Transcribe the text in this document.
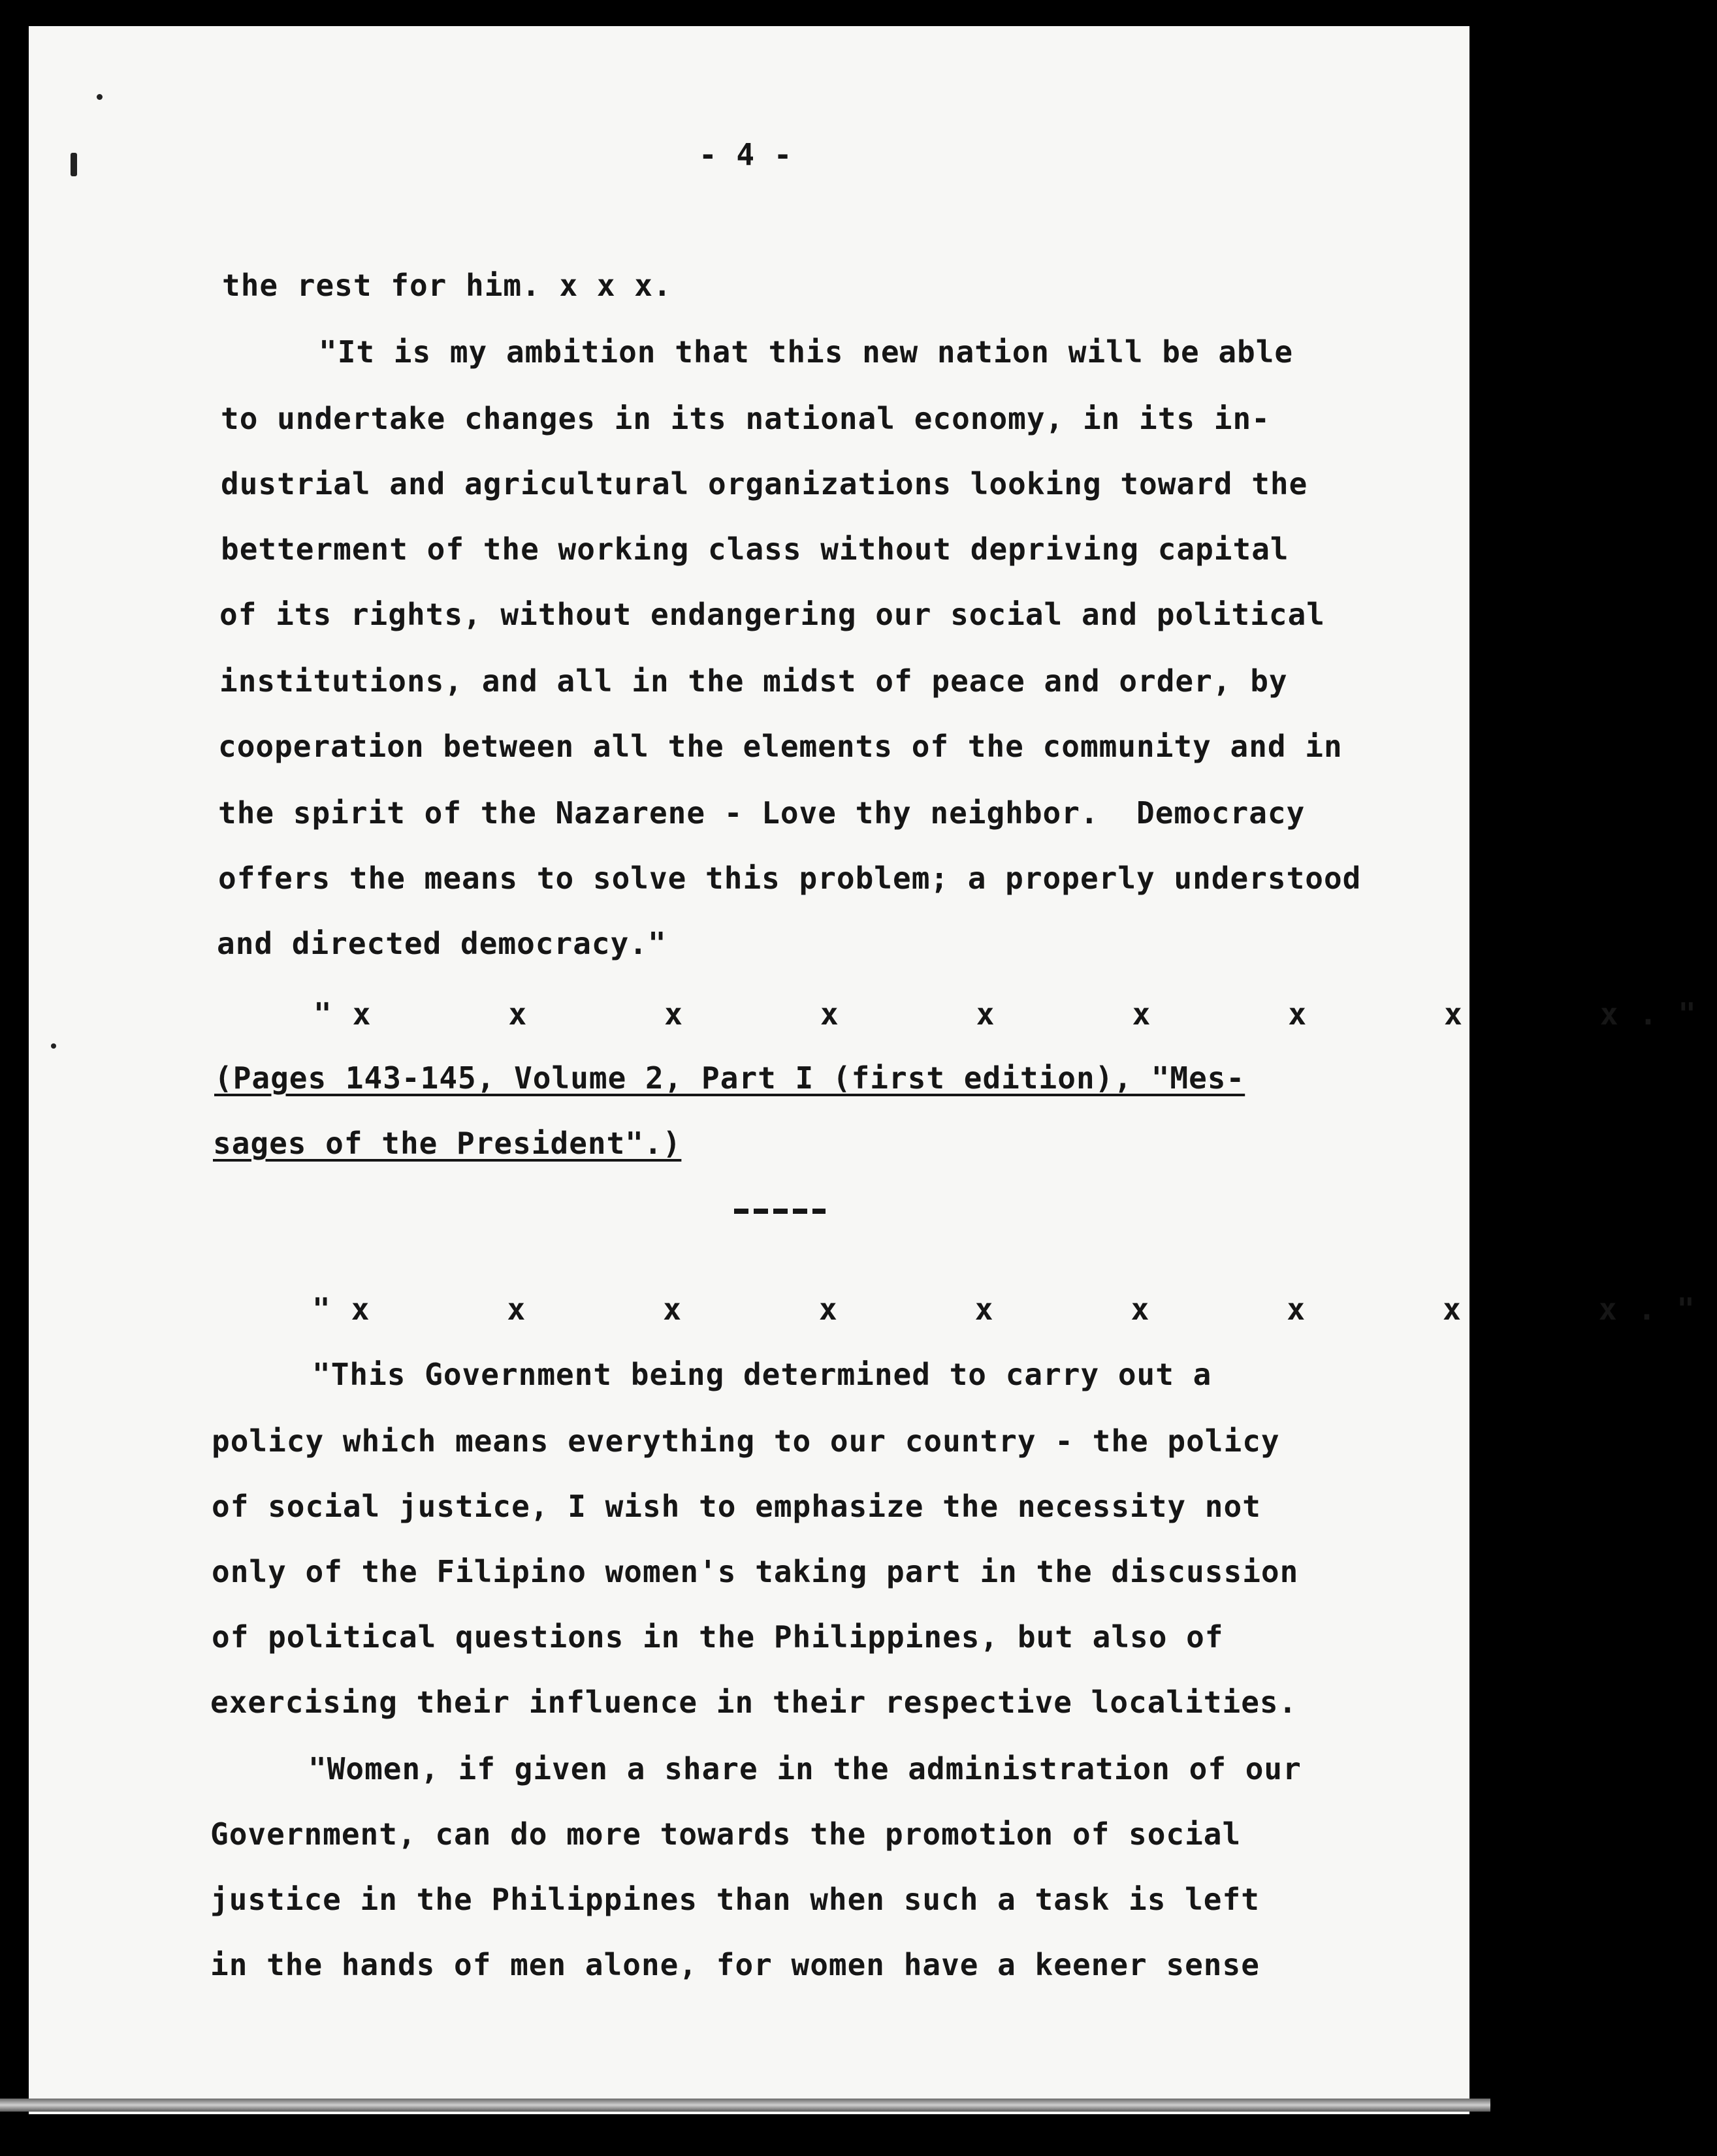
- 4 -
the rest for him. x x x.
"It is my ambition that this new nation will be able
to undertake changes in its national economy, in its in-
dustrial and agricultural organizations looking toward the
betterment of the working class without depriving capital
of its rights, without endangering our social and political
institutions, and all in the midst of peace and order, by
cooperation between all the elements of the community and in
the spirit of the Nazarene - Love thy neighbor.  Democracy
offers the means to solve this problem; a properly understood
and directed democracy."
"x   x   x   x   x   x   x   x   x."
(Pages 143-145, Volume 2, Part I (first edition), "Mes-
sages of the President".)
"x   x   x   x   x   x   x   x   x."
"This Government being determined to carry out a
policy which means everything to our country - the policy
of social justice, I wish to emphasize the necessity not
only of the Filipino women's taking part in the discussion
of political questions in the Philippines, but also of
exercising their influence in their respective localities.
"Women, if given a share in the administration of our
Government, can do more towards the promotion of social
justice in the Philippines than when such a task is left
in the hands of men alone, for women have a keener sense
